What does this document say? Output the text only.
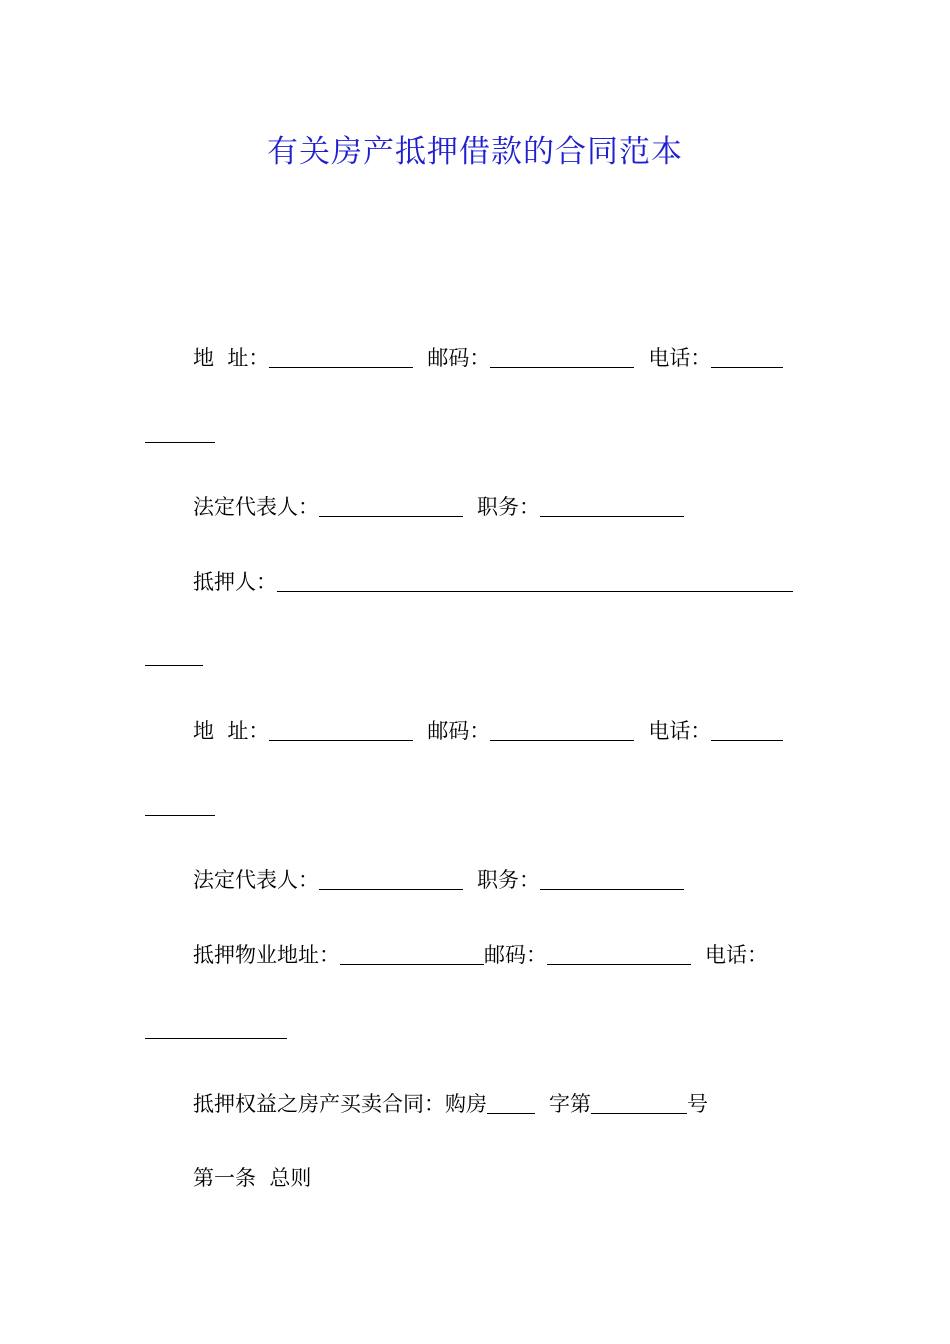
有关房产抵押借款的合同范本
地  址：	邮码：	电话：
法定代表人：	职务：
抵押人：
地  址：	邮码：	电话：
法定代表人：	职务：
抵押物业地址：	邮码：	电话：
抵押权益之房产买卖合同：购房	字第	号
第一条  总则
